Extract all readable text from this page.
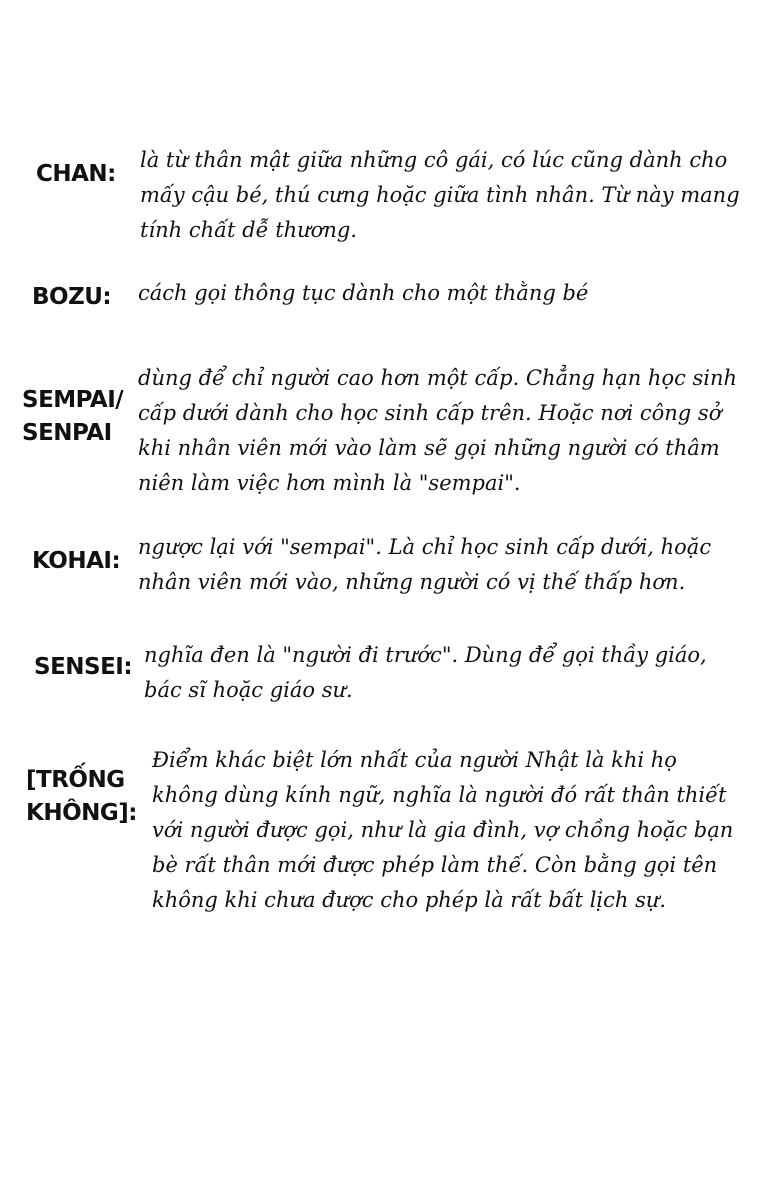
CHAN:
là từ thân mật giữa những cô gái, có lúc cũng dành cho
mấy cậu bé, thú cưng hoặc giữa tình nhân. Từ này mang
tính chất dễ thương.
BOZU: cách gọi thông tục dành cho một thằng bé
SEMPAI/
SENPAI
dùng để chỉ người cao hơn một cấp. Chẳng hạn học sinh
cấp dưới dành cho học sinh cấp trên. Hoặc nơi công sở
khi nhân viên mới vào làm sẽ gọi những người có thâm
niên làm việc hơn mình là "sempai".
KOHAI:
ngược lại với "sempai". Là chỉ học sinh cấp dưới, hoặc
nhân viên mới vào, những người có vị thế thấp hơn.
SENSEI: nghĩa đen là "người đi trước". Dùng để gọi thầy giáo,
bác sĩ hoặc giáo sư.
[TRỐNG
KHÔNG]:
Điểm khác biệt lớn nhất của người Nhật là khi họ
không dùng kính ngữ, nghĩa là người đó rất thân thiết
với người được gọi, như là gia đình, vợ chồng hoặc bạn
bè rất thân mới được phép làm thế. Còn bằng gọi tên
không khi chưa được cho phép là rất bất lịch sự.
